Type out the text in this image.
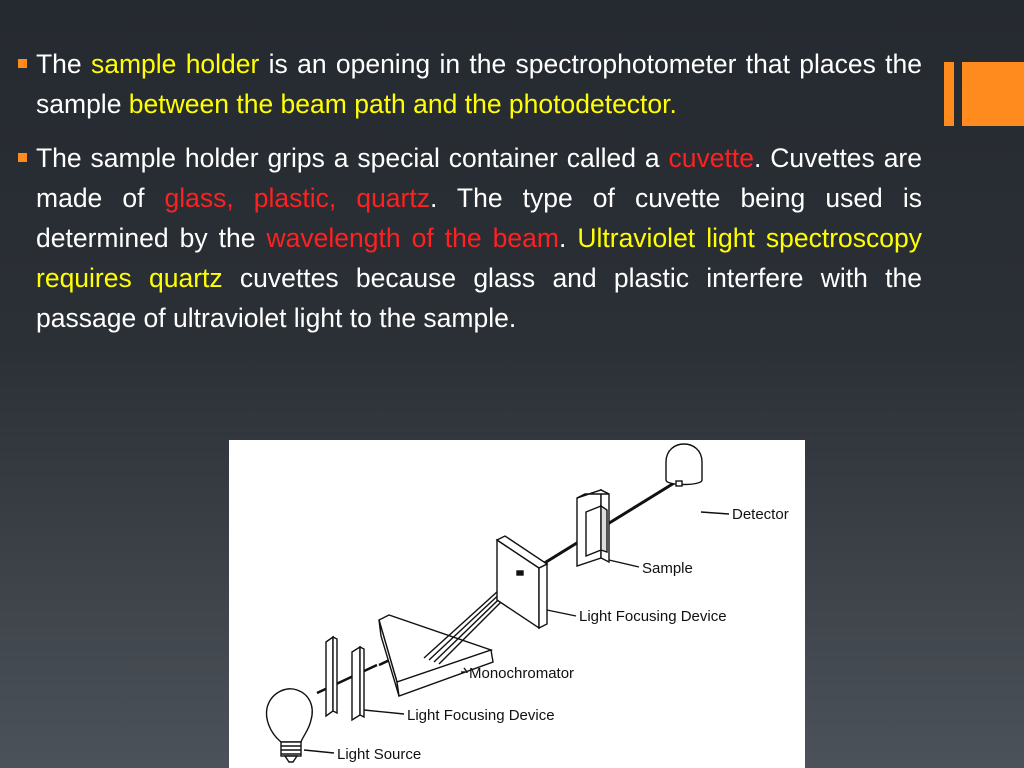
The sample holder is an opening in the spectrophotometer that places the sample between the beam path and the photodetector.

The sample holder grips a special container called a cuvette. Cuvettes are made of glass, plastic, quartz. The type of cuvette being used is determined by the wavelength of the beam. Ultraviolet light spectroscopy requires quartz cuvettes because glass and plastic interfere with the passage of ultraviolet light to the sample.

Detector
Sample
Light Focusing Device
Monochromator
Light Focusing Device
Light Source
